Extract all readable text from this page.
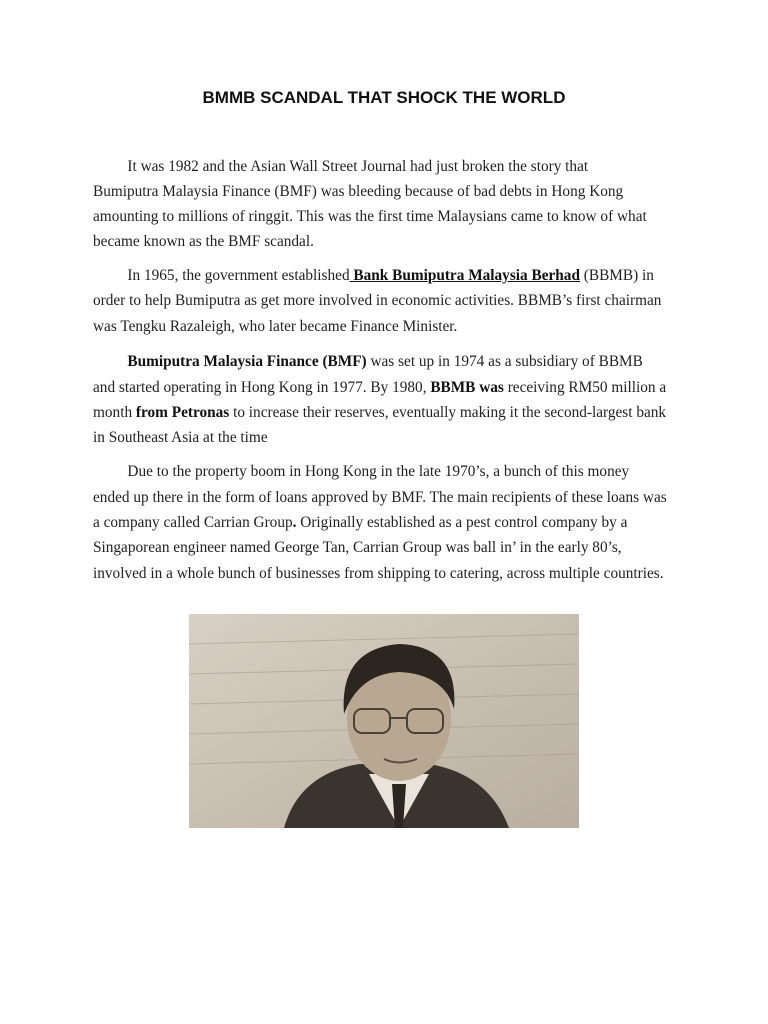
BMMB SCANDAL THAT SHOCK THE WORLD
It was 1982 and the Asian Wall Street Journal had just broken the story that
Bumiputra Malaysia Finance (BMF) was bleeding because of bad debts in Hong Kong
amounting to millions of ringgit. This was the first time Malaysians came to know of what
became known as the BMF scandal.
In 1965, the government established Bank Bumiputra Malaysia Berhad (BBMB) in
order to help Bumiputra as get more involved in economic activities. BBMB’s first chairman
was Tengku Razaleigh, who later became Finance Minister.
Bumiputra Malaysia Finance (BMF) was set up in 1974 as a subsidiary of BBMB
and started operating in Hong Kong in 1977. By 1980, BBMB was receiving RM50 million a
month from Petronas to increase their reserves, eventually making it the second-largest bank
in Southeast Asia at the time
Due to the property boom in Hong Kong in the late 1970’s, a bunch of this money
ended up there in the form of loans approved by BMF. The main recipients of these loans was
a company called Carrian Group. Originally established as a pest control company by a
Singaporean engineer named George Tan, Carrian Group was ball in’ in the early 80’s,
involved in a whole bunch of businesses from shipping to catering, across multiple countries.
